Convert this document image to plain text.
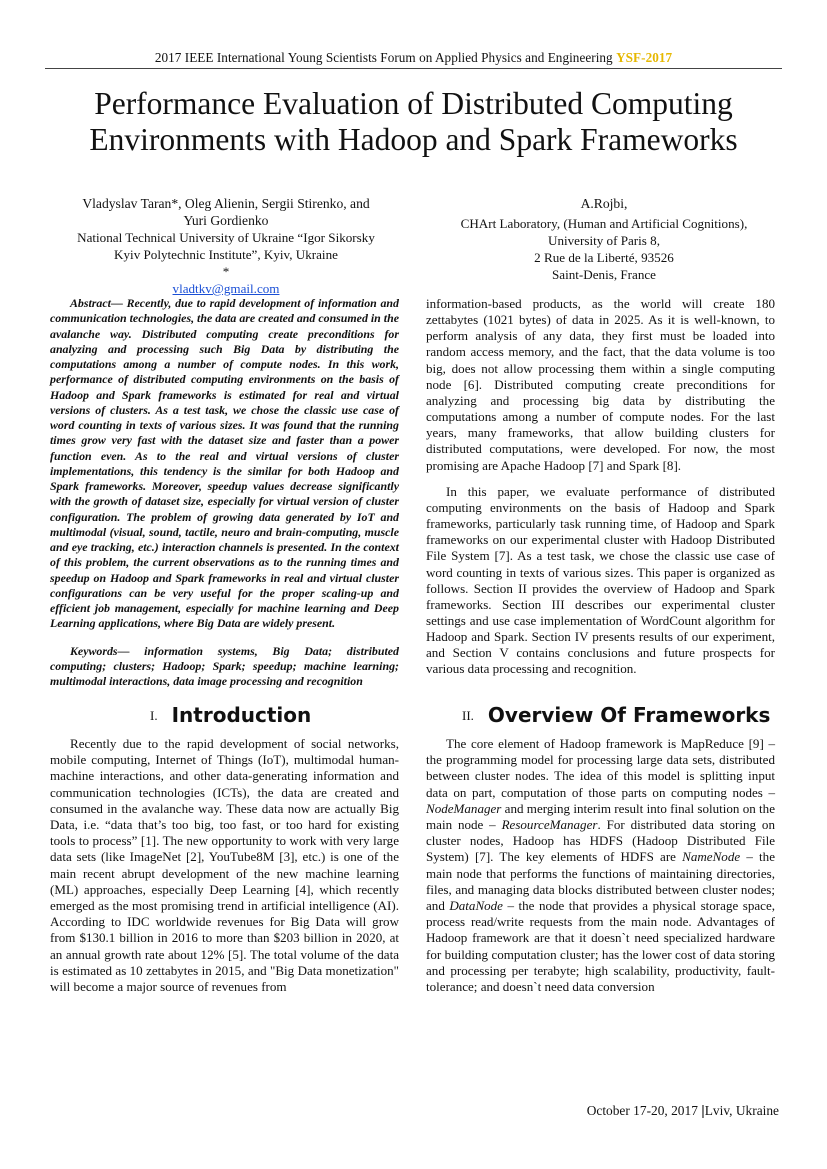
2017 IEEE International Young Scientists Forum on Applied Physics and Engineering YSF-2017
Performance Evaluation of Distributed Computing
Environments with Hadoop and Spark Frameworks
Vladyslav Taran*, Oleg Alienin, Sergii Stirenko, and
Yuri Gordienko
National Technical University of Ukraine “Igor Sikorsky
Kyiv Polytechnic Institute”, Kyiv, Ukraine
*
vladtkv@gmail.com
A.Rojbi,
CHArt Laboratory, (Human and Artificial Cognitions),
University of Paris 8,
2 Rue de la Liberté, 93526
Saint-Denis, France

Abstract— Recently, due to rapid development of information and communication technologies, the data are created and consumed in the avalanche way. Distributed computing create preconditions for analyzing and processing such Big Data by distributing the computations among a number of compute nodes. In this work, performance of distributed computing environments on the basis of Hadoop and Spark frameworks is estimated for real and virtual versions of clusters. As a test task, we chose the classic use case of word counting in texts of various sizes. It was found that the running times grow very fast with the dataset size and faster than a power function even. As to the real and virtual versions of cluster implementations, this tendency is the similar for both Hadoop and Spark frameworks. Moreover, speedup values decrease significantly with the growth of dataset size, especially for virtual version of cluster configuration. The problem of growing data generated by IoT and multimodal (visual, sound, tactile, neuro and brain-computing, muscle and eye tracking, etc.) interaction channels is presented. In the context of this problem, the current observations as to the running times and speedup on Hadoop and Spark frameworks in real and virtual cluster configurations can be very useful for the proper scaling-up and efficient job management, especially for machine learning and Deep Learning applications, where Big Data are widely present.

Keywords— information systems, Big Data; distributed computing; clusters; Hadoop; Spark; speedup; machine learning; multimodal interactions, data image processing and recognition

information-based products, as the world will create 180 zettabytes (1021 bytes) of data in 2025. As it is well-known, to perform analysis of any data, they first must be loaded into random access memory, and the fact, that the data volume is too big, does not allow processing them within a single computing node [6]. Distributed computing create preconditions for analyzing and processing big data by distributing the computations among a number of compute nodes. For the last years, many frameworks, that allow building clusters for distributed computations, were developed. For now, the most promising are Apache Hadoop [7] and Spark [8].

In this paper, we evaluate performance of distributed computing environments on the basis of Hadoop and Spark frameworks, particularly task running time, of Hadoop and Spark frameworks on our experimental cluster with Hadoop Distributed File System [7]. As a test task, we chose the classic use case of word counting in texts of various sizes. This paper is organized as follows. Section II provides the overview of Hadoop and Spark frameworks. Section III describes our experimental cluster settings and use case implementation of WordCount algorithm for Hadoop and Spark. Section IV presents results of our experiment, and Section V contains conclusions and future prospects for various data processing and recognition.

I. Introduction	II. Overview Of Frameworks

Recently due to the rapid development of social networks, mobile computing, Internet of Things (IoT), multimodal human-machine interactions, and other data-generating information and communication technologies (ICTs), the data are created and consumed in the avalanche way. These data now are actually Big Data, i.e. “data that’s too big, too fast, or too hard for existing tools to process” [1]. The new opportunity to work with very large data sets (like ImageNet [2], YouTube8M [3], etc.) is one of the main recent abrupt development of the new machine learning (ML) approaches, especially Deep Learning [4], which recently emerged as the most promising trend in artificial intelligence (AI). According to IDC worldwide revenues for Big Data will grow from $130.1 billion in 2016 to more than $203 billion in 2020, at an annual growth rate about 12% [5]. The total volume of the data is estimated as 10 zettabytes in 2015, and "Big Data monetization" will become a major source of revenues from

The core element of Hadoop framework is MapReduce [9] – the programming model for processing large data sets, distributed between cluster nodes. The idea of this model is splitting input data on part, computation of those parts on computing nodes – NodeManager and merging interim result into final solution on the main node – ResourceManager. For distributed data storing on cluster nodes, Hadoop has HDFS (Hadoop Distributed File System) [7]. The key elements of HDFS are NameNode – the main node that performs the functions of maintaining directories, files, and managing data blocks distributed between cluster nodes; and DataNode – the node that provides a physical storage space, process read/write requests from the main node. Advantages of Hadoop framework are that it doesn`t need specialized hardware for building computation cluster; has the lower cost of data storing and processing per terabyte; high scalability, productivity, fault-tolerance; and doesn`t need data conversion

October 17-20, 2017 |Lviv, Ukraine
